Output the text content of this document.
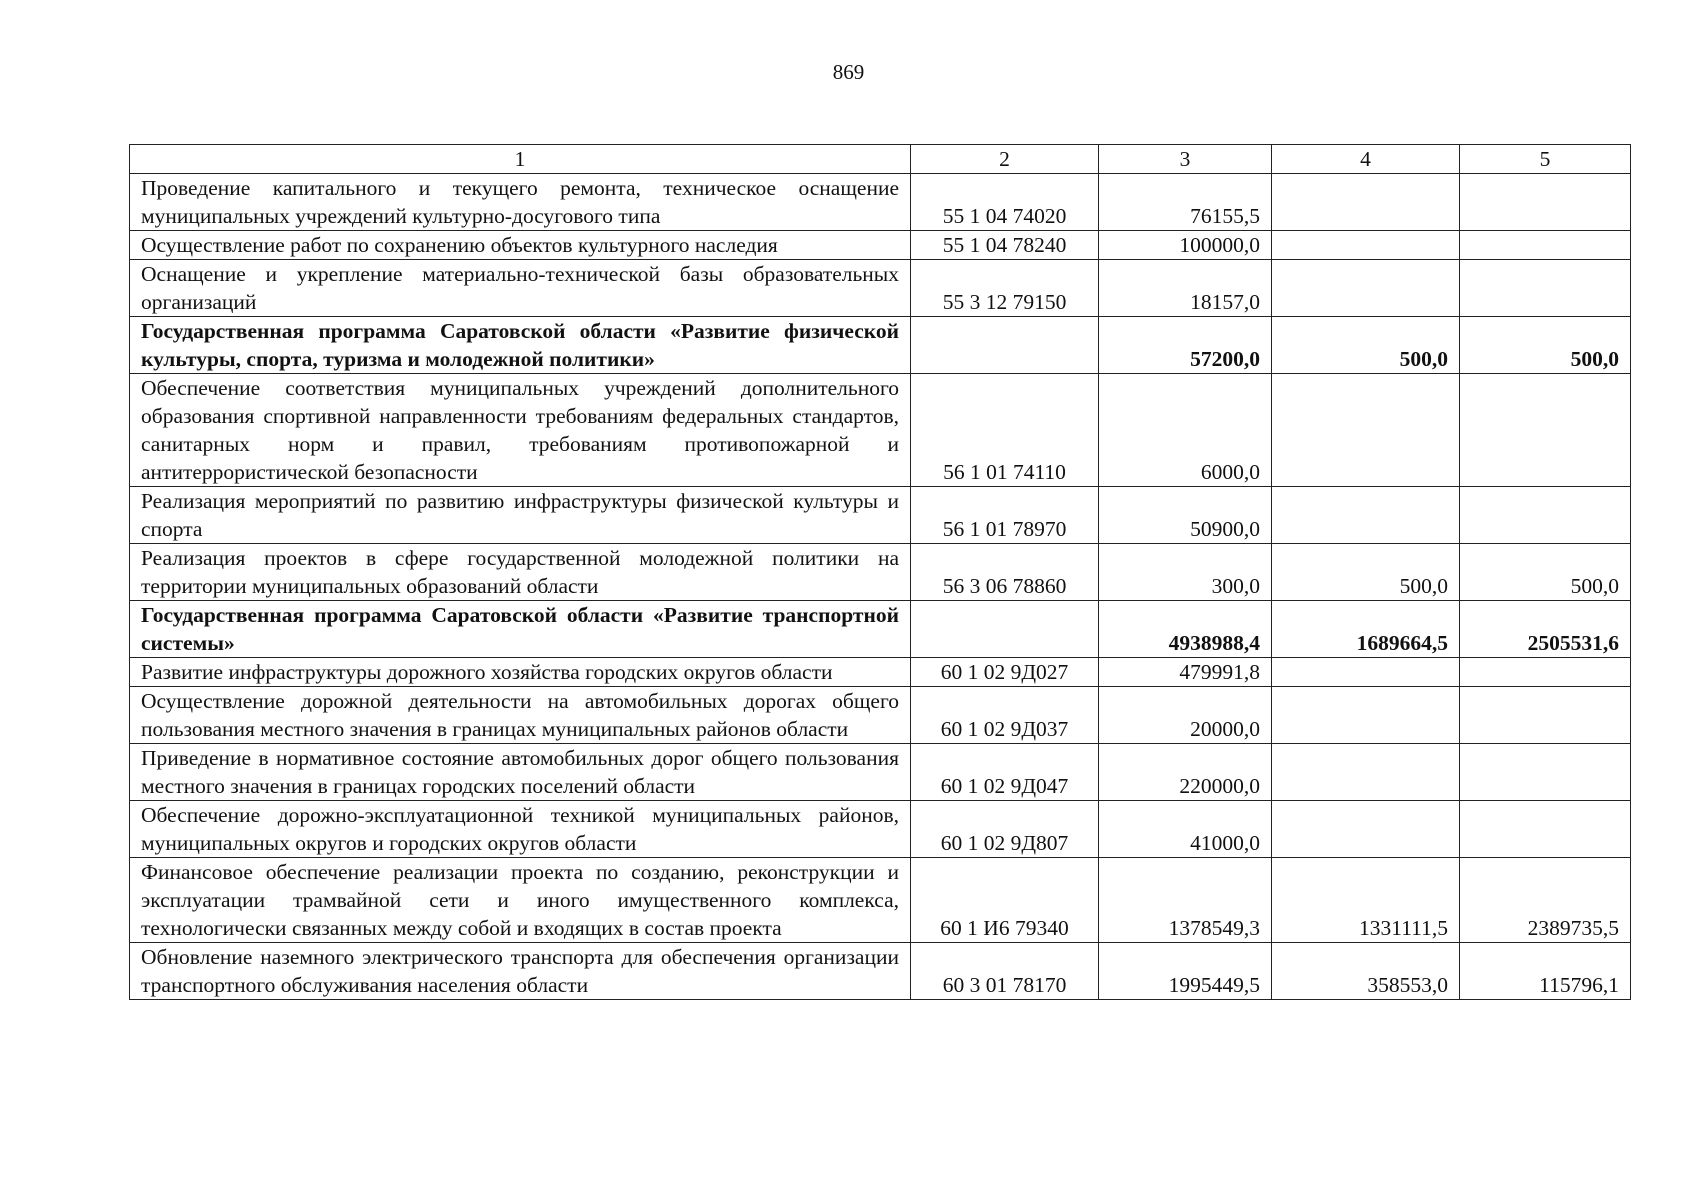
869
1	2	3	4	5
Проведение капитального и текущего ремонта, техническое оснащение муниципальных учреждений культурно-досугового типа	55 1 04 74020	76155,5		
Осуществление работ по сохранению объектов культурного наследия	55 1 04 78240	100000,0		
Оснащение и укрепление материально-технической базы образовательных организаций	55 3 12 79150	18157,0		
Государственная программа Саратовской области «Развитие физической культуры, спорта, туризма и молодежной политики»		57200,0	500,0	500,0
Обеспечение соответствия муниципальных учреждений дополнительного образования спортивной направленности требованиям федеральных стандартов, санитарных норм и правил, требованиям противопожарной и антитеррористической безопасности	56 1 01 74110	6000,0		
Реализация мероприятий по развитию инфраструктуры физической культуры и спорта	56 1 01 78970	50900,0		
Реализация проектов в сфере государственной молодежной политики на территории муниципальных образований области	56 3 06 78860	300,0	500,0	500,0
Государственная программа Саратовской области «Развитие транспортной системы»		4938988,4	1689664,5	2505531,6
Развитие инфраструктуры дорожного хозяйства городских округов области	60 1 02 9Д027	479991,8		
Осуществление дорожной деятельности на автомобильных дорогах общего пользования местного значения в границах муниципальных районов области	60 1 02 9Д037	20000,0		
Приведение в нормативное состояние автомобильных дорог общего пользования местного значения в границах городских поселений области	60 1 02 9Д047	220000,0		
Обеспечение дорожно-эксплуатационной техникой муниципальных районов, муниципальных округов и городских округов области	60 1 02 9Д807	41000,0		
Финансовое обеспечение реализации проекта по созданию, реконструкции и эксплуатации трамвайной сети и иного имущественного комплекса, технологически связанных между собой и входящих в состав проекта	60 1 И6 79340	1378549,3	1331111,5	2389735,5
Обновление наземного электрического транспорта для обеспечения организации транспортного обслуживания населения области	60 3 01 78170	1995449,5	358553,0	115796,1
